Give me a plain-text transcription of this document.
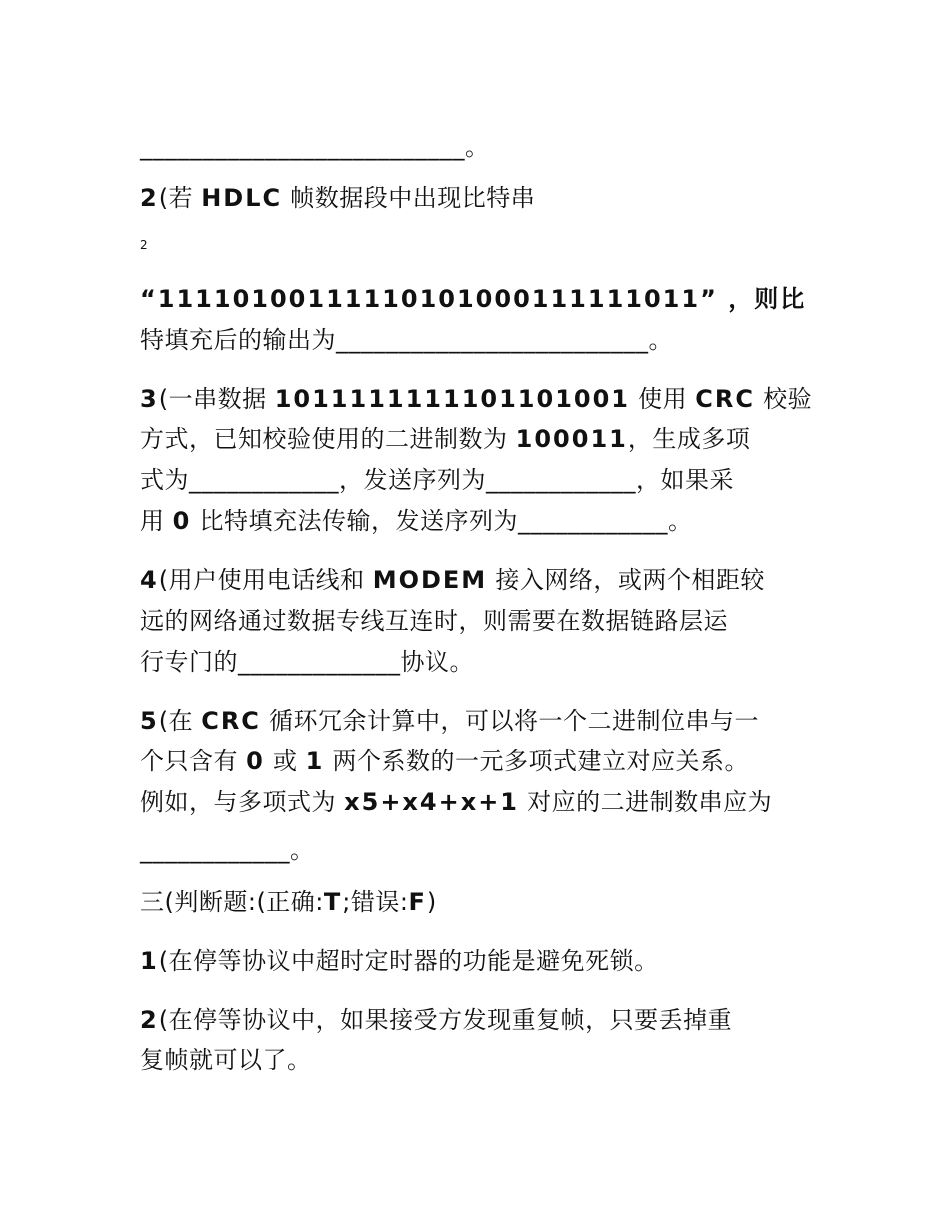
__________________________。
2(若 HDLC 帧数据段中出现比特串
2
“11110100111110101000111111011” ，则比
特填充后的输出为_________________________。
3(一串数据 1011111111101101001 使用 CRC 校验
方式，已知校验使用的二进制数为 100011，生成多项
式为____________，发送序列为____________，如果采
用 0 比特填充法传输，发送序列为____________。
4(用户使用电话线和 MODEM 接入网络，或两个相距较
远的网络通过数据专线互连时，则需要在数据链路层运
行专门的_____________协议。
5(在 CRC 循环冗余计算中，可以将一个二进制位串与一
个只含有 0 或 1 两个系数的一元多项式建立对应关系。
例如，与多项式为 x5+x4+x+1 对应的二进制数串应为
____________。
三(判断题:(正确:T;错误:F)
1(在停等协议中超时定时器的功能是避免死锁。
2(在停等协议中，如果接受方发现重复帧，只要丢掉重
复帧就可以了。
